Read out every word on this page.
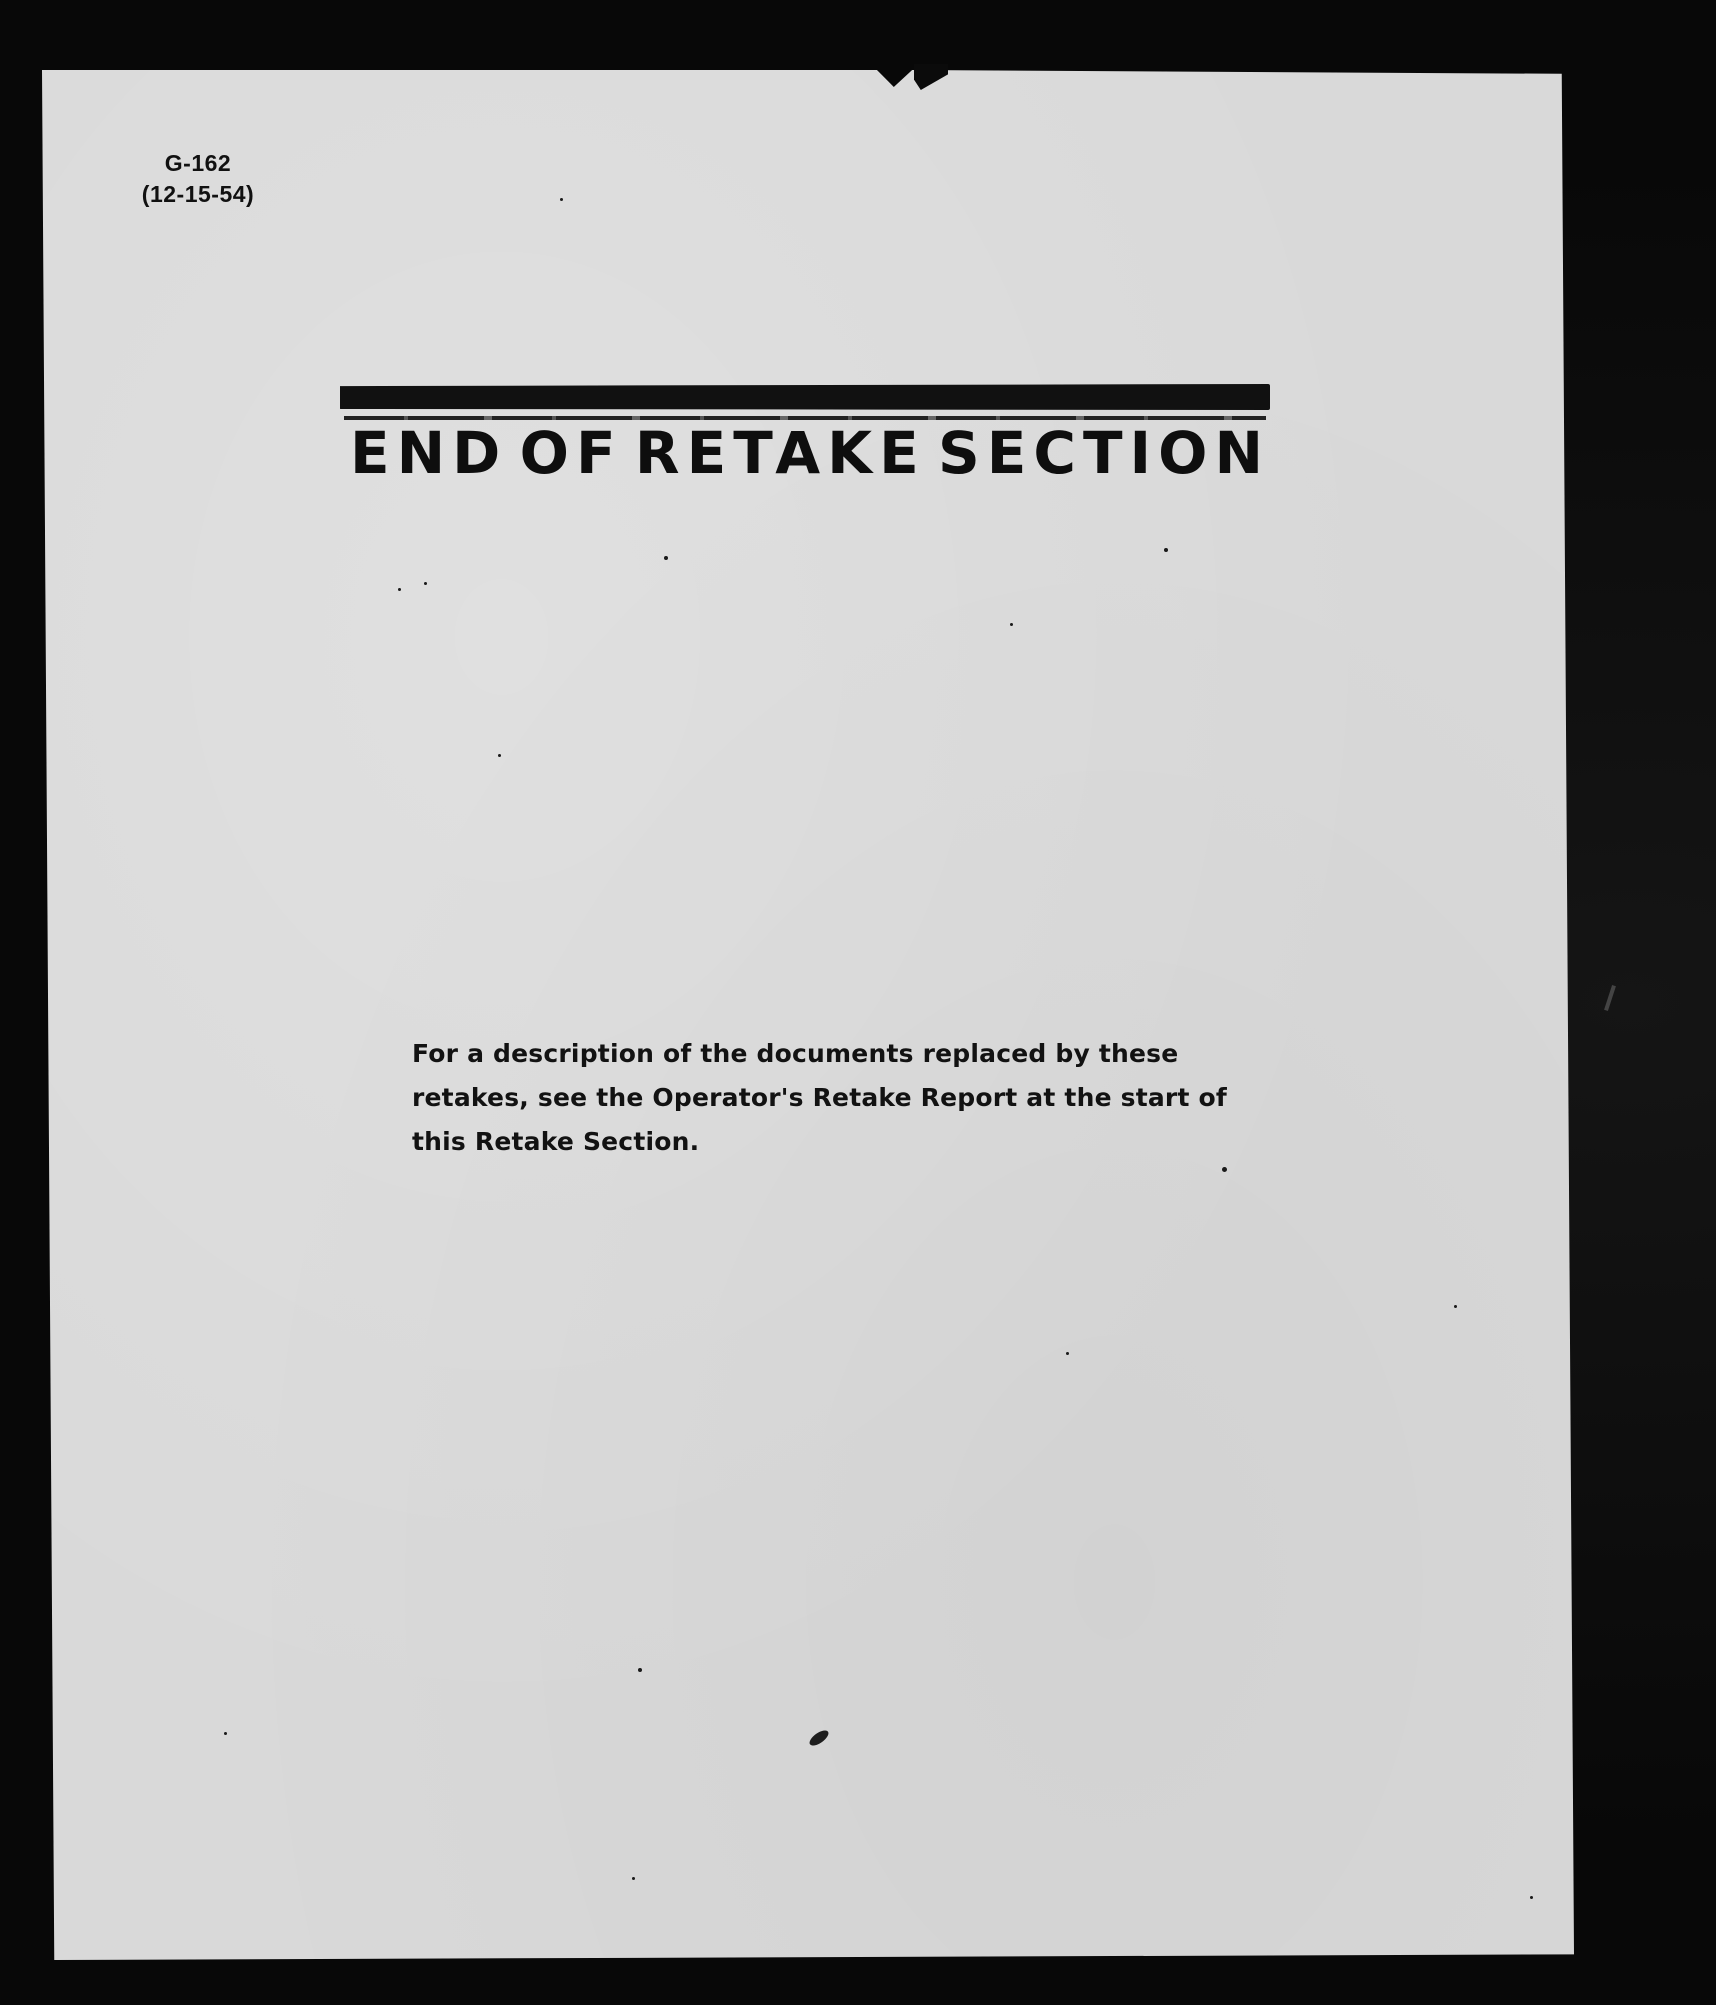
G-162
(12-15-54)
END OF RETAKE SECTION
For a description of the documents replaced by these retakes, see the Operator's Retake Report at the start of this Retake Section.
